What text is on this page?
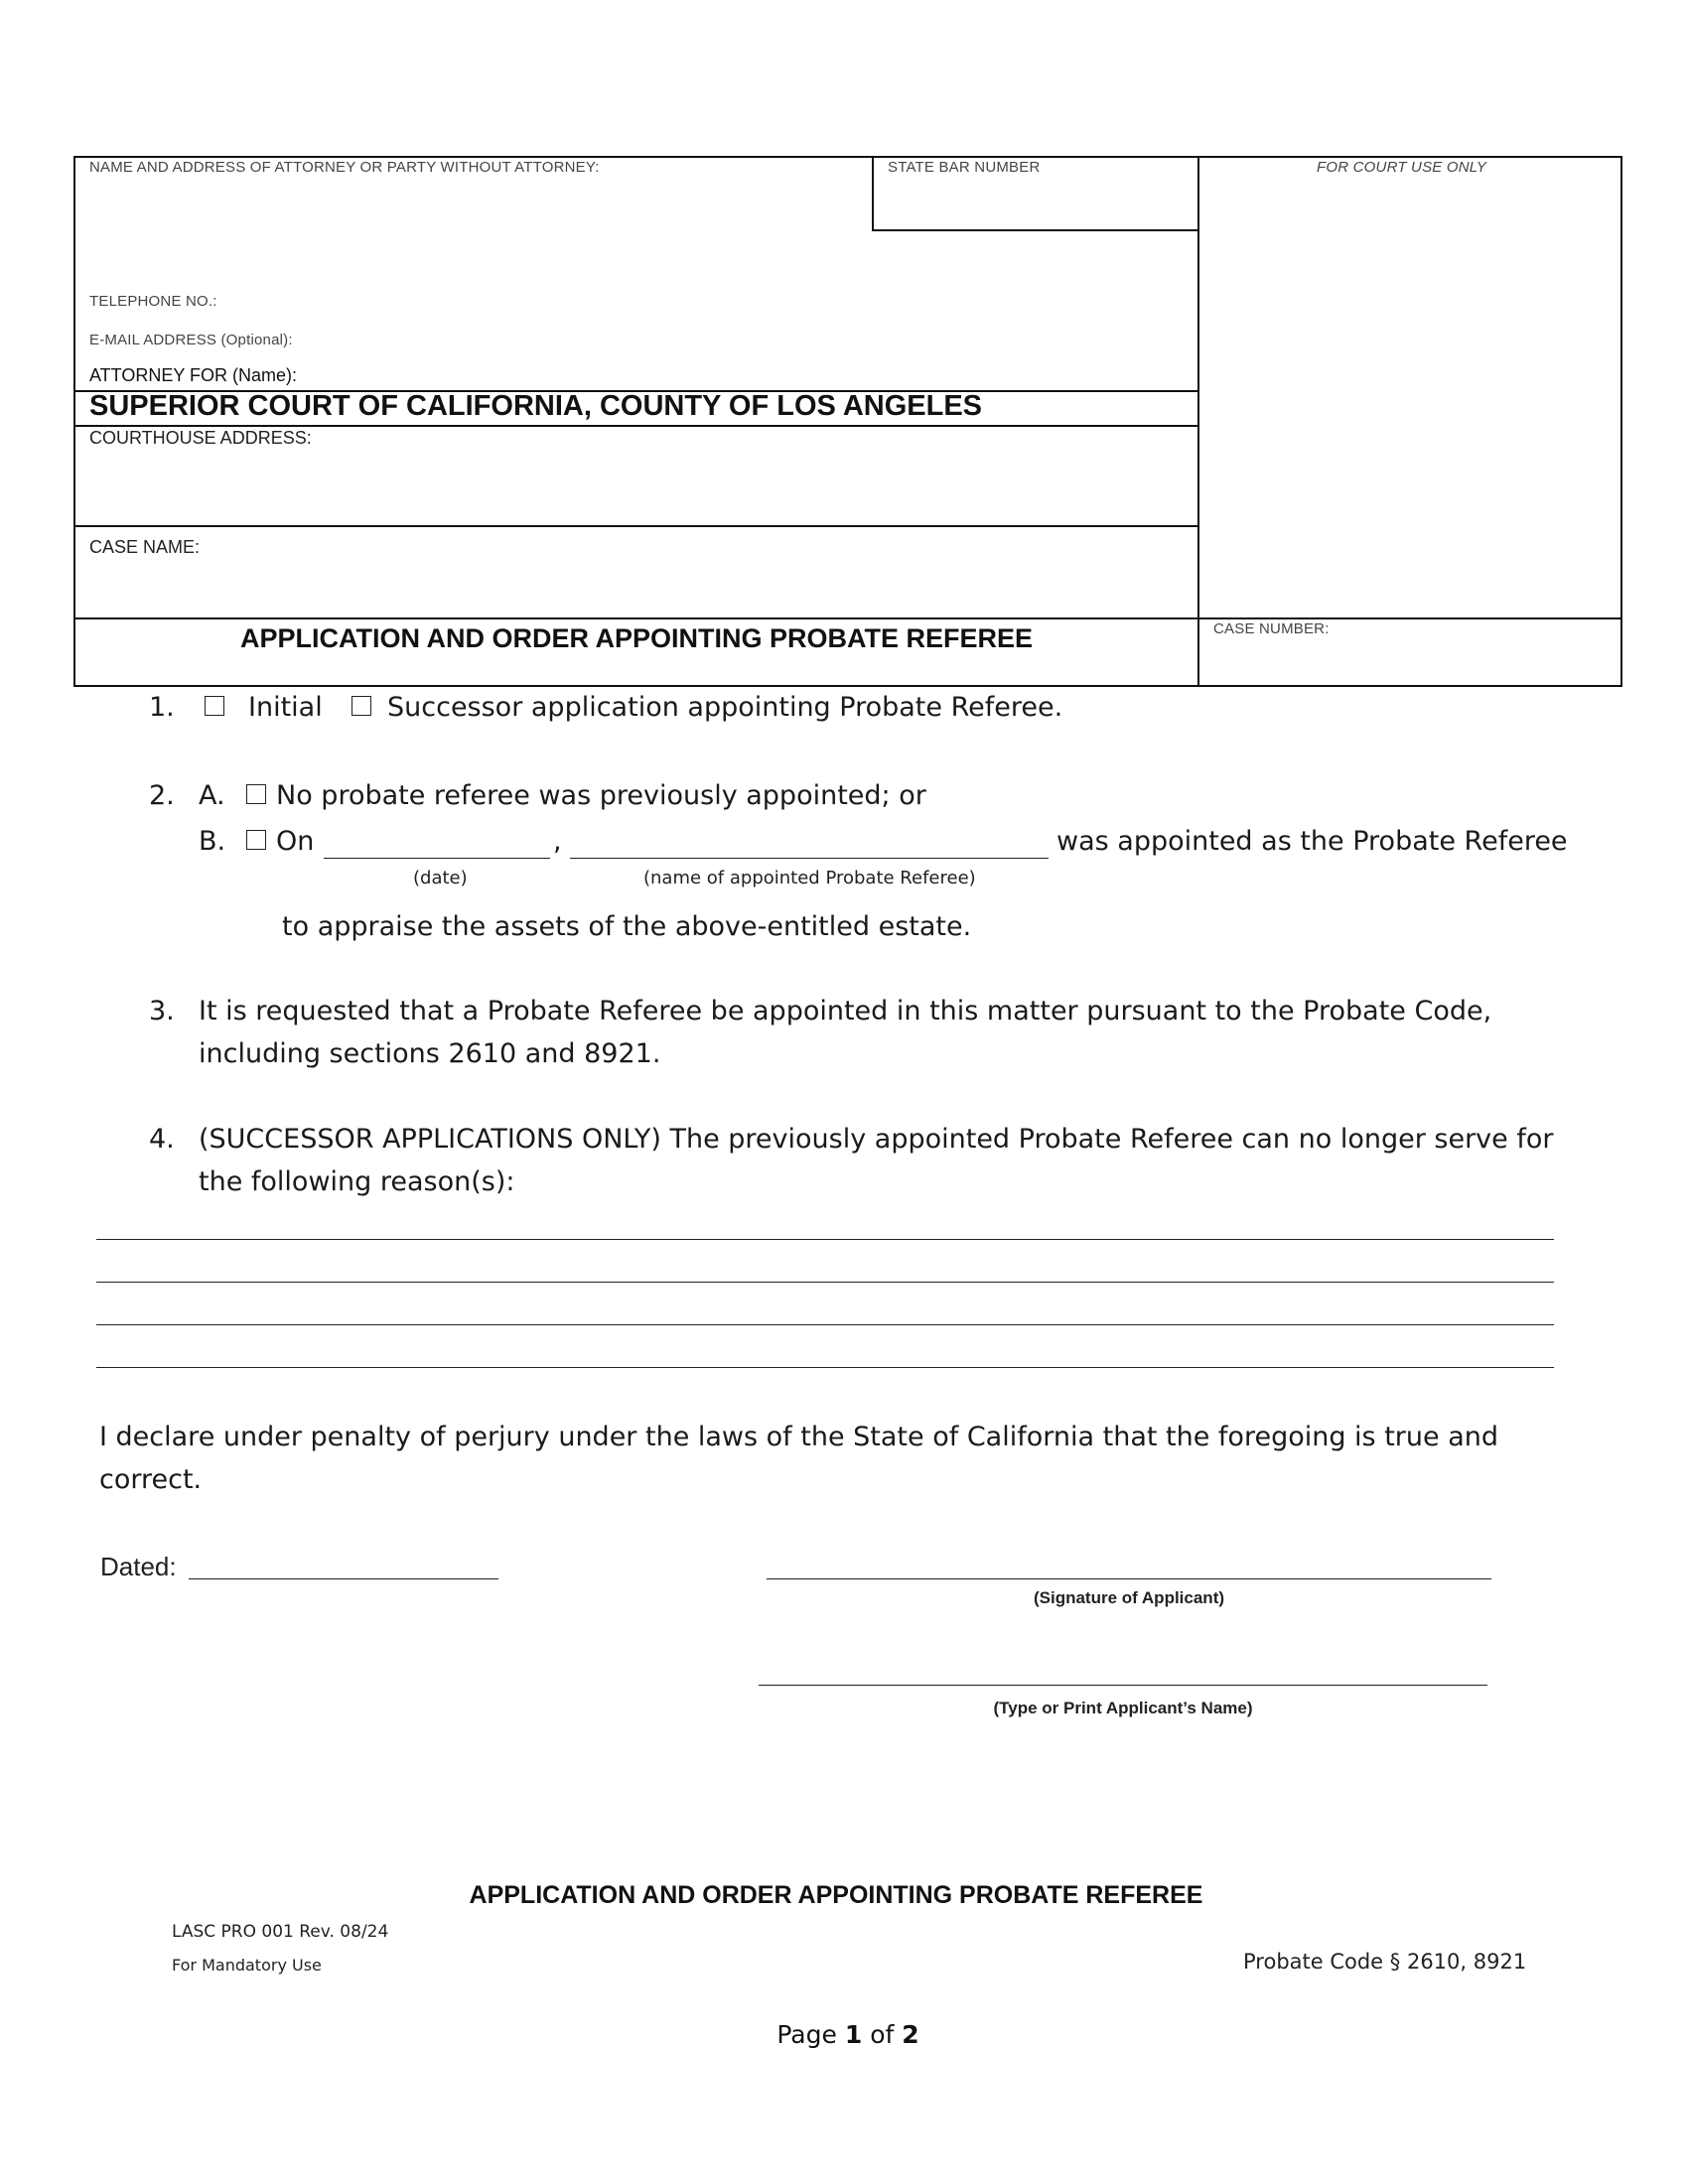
NAME AND ADDRESS OF ATTORNEY OR PARTY WITHOUT ATTORNEY:	STATE BAR NUMBER	FOR COURT USE ONLY
TELEPHONE NO.:
E-MAIL ADDRESS (Optional):
ATTORNEY FOR (Name):
SUPERIOR COURT OF CALIFORNIA, COUNTY OF LOS ANGELES
COURTHOUSE ADDRESS:
CASE NAME:
APPLICATION AND ORDER APPOINTING PROBATE REFEREE	CASE NUMBER:
1.	Initial Successor application appointing Probate Referee.
2. A. No probate referee was previously appointed; or
B. On	,	was appointed as the Probate Referee
(date)	(name of appointed Probate Referee)
to appraise the assets of the above-entitled estate.
3. It is requested that a Probate Referee be appointed in this matter pursuant to the Probate Code,
including sections 2610 and 8921.
4. (SUCCESSOR APPLICATIONS ONLY) The previously appointed Probate Referee can no longer serve for
the following reason(s):
I declare under penalty of perjury under the laws of the State of California that the foregoing is true and
correct.
Dated:
(Signature of Applicant)
(Type or Print Applicant’s Name)
APPLICATION AND ORDER APPOINTING PROBATE REFEREE
LASC PRO 001 Rev. 08/24
For Mandatory Use	Probate Code § 2610, 8921
Page 1 of 2
